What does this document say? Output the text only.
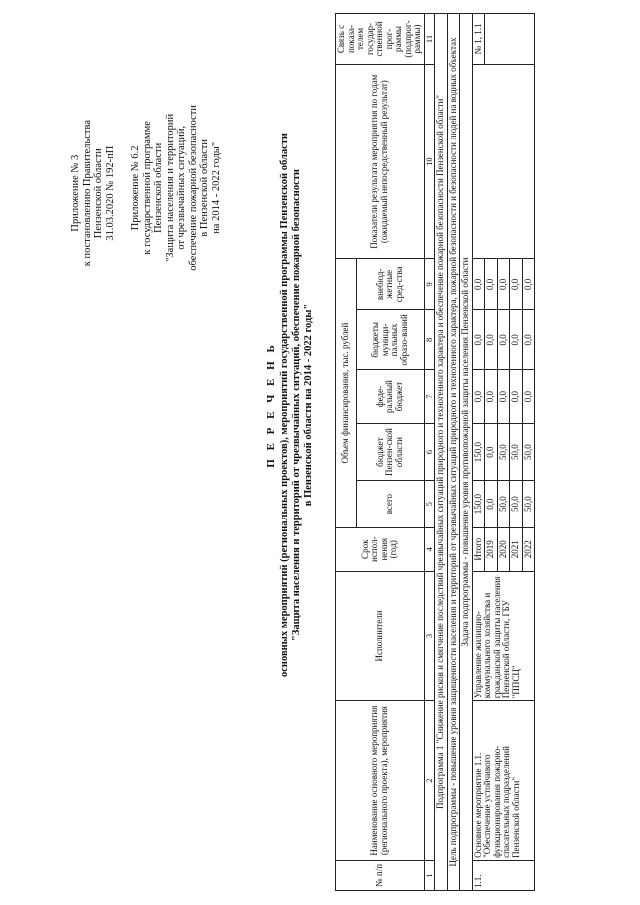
Приложение № 3 к постановлению Правительства Пензенской области 31.03.2020 № 192-пП Приложение № 6.2 к государственной программе Пензенской области "Защита населения и территорий от чрезвычайных ситуаций, обеспечение пожарной безопасности в Пензенской области на 2014 - 2022 годы"
П Е Р Е Ч Е Н Ь основных мероприятий (региональных проектов), мероприятий государственной программы Пензенской области "Защита населения и территорий от чрезвычайных ситуаций, обеспечение пожарной безопасности в Пензенской области на 2014 - 2022 годы"
№ п/п	Наименование основного мероприятия (регионального проекта), мероприятия	Исполнители	Срок испол-нения (год)	Объем финансирования, тыс. рублей					Показатели результата мероприятия по годам (ожидаемый непосредственный результат)	Связь с показа-телем государ-ственной прог-раммы (подпрог-раммы)
				всего	бюджет Пензен-ской области	феде-ральный бюджет	бюджеты муници-пальных образо-ваний	внебюд-жетные сред-ства		
1	2	3	4	5	6	7	8	9	10	11
Подпрограмма 1 "Снижение рисков и смягчение последствий чрезвычайных ситуаций природного и техногенного характера и обеспечение пожарной безопасности Пензенской области"										
Цель подпрограммы - повышение уровня защищенности населения и территорий от чрезвычайных ситуаций природного и техногенного характера, пожарной безопасности и безопасности людей на водных объектах										
Задача подпрограммы - повышение уровня противопожарной защиты населения Пензенской области										
1.1.	Основное мероприятие 1.1. "Обеспечение устойчивого функционирования пожарно-спасательных подразделений Пензенской области"	Управление жилищно-коммунального хозяйства и гражданской защиты населения Пензенской области, ГБУ "ППСЦ"	Итого	150,0	150,0	0,0	0,0	0,0		№ 1, 1.1
			2019	0,0	0,0	0,0	0,0	0,0		
			2020	50,0	50,0	0,0	0,0	0,0		
			2021	50,0	50,0	0,0	0,0	0,0		
			2022	50,0	50,0	0,0	0,0	0,0		
